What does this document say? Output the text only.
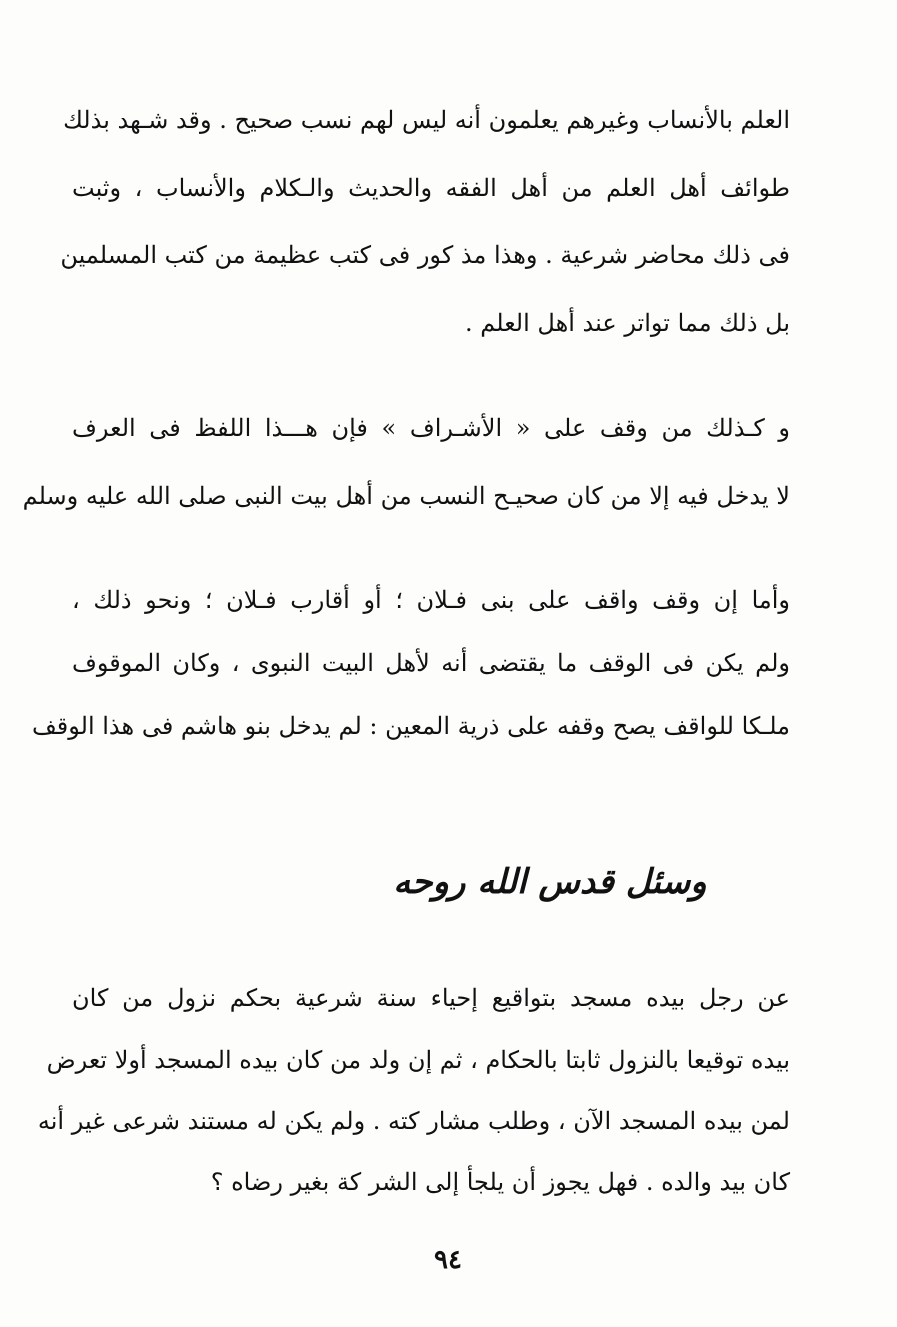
العلم بالأنساب وغيرهم يعلمون أنه ليس لهم نسب صحيح . وقد شـهد بذلك
طوائف أهل العلم من أهل الفقه والحديث والـكلام والأنساب ، وثبت
فى ذلك محاضر شرعية . وهذا مذ كور فى كتب عظيمة من كتب المسلمين
بل ذلك مما تواتر عند أهل العلم .
و كـذلك من وقف على « الأشـراف » فإن هـــذا اللفظ فى العرف
لا يدخل فيه إلا من كان صحيـح النسب من أهل بيت النبى صلى الله عليه وسلم
وأما إن وقف واقف على بنى فـلان ؛ أو أقارب فـلان ؛ ونحو ذلك ،
ولم يكن فى الوقف ما يقتضى أنه لأهل البيت النبوى ، وكان الموقوف
ملـكا للواقف يصح وقفه على ذرية المعين : لم يدخل بنو هاشم فى هذا الوقف
وسئل قدس الله روحه
عن رجل بيده مسجد بتواقيع إحياء سنة شرعية بحكم نزول من كان
بيده توقيعا بالنزول ثابتا بالحكام ، ثم إن ولد من كان بيده المسجد أولا تعرض
لمن بيده المسجد الآن ، وطلب مشار كته . ولم يكن له مستند شرعى غير أنه
كان بيد والده . فهل يجوز أن يلجأ إلى الشر كة بغير رضاه ؟
٩٤
